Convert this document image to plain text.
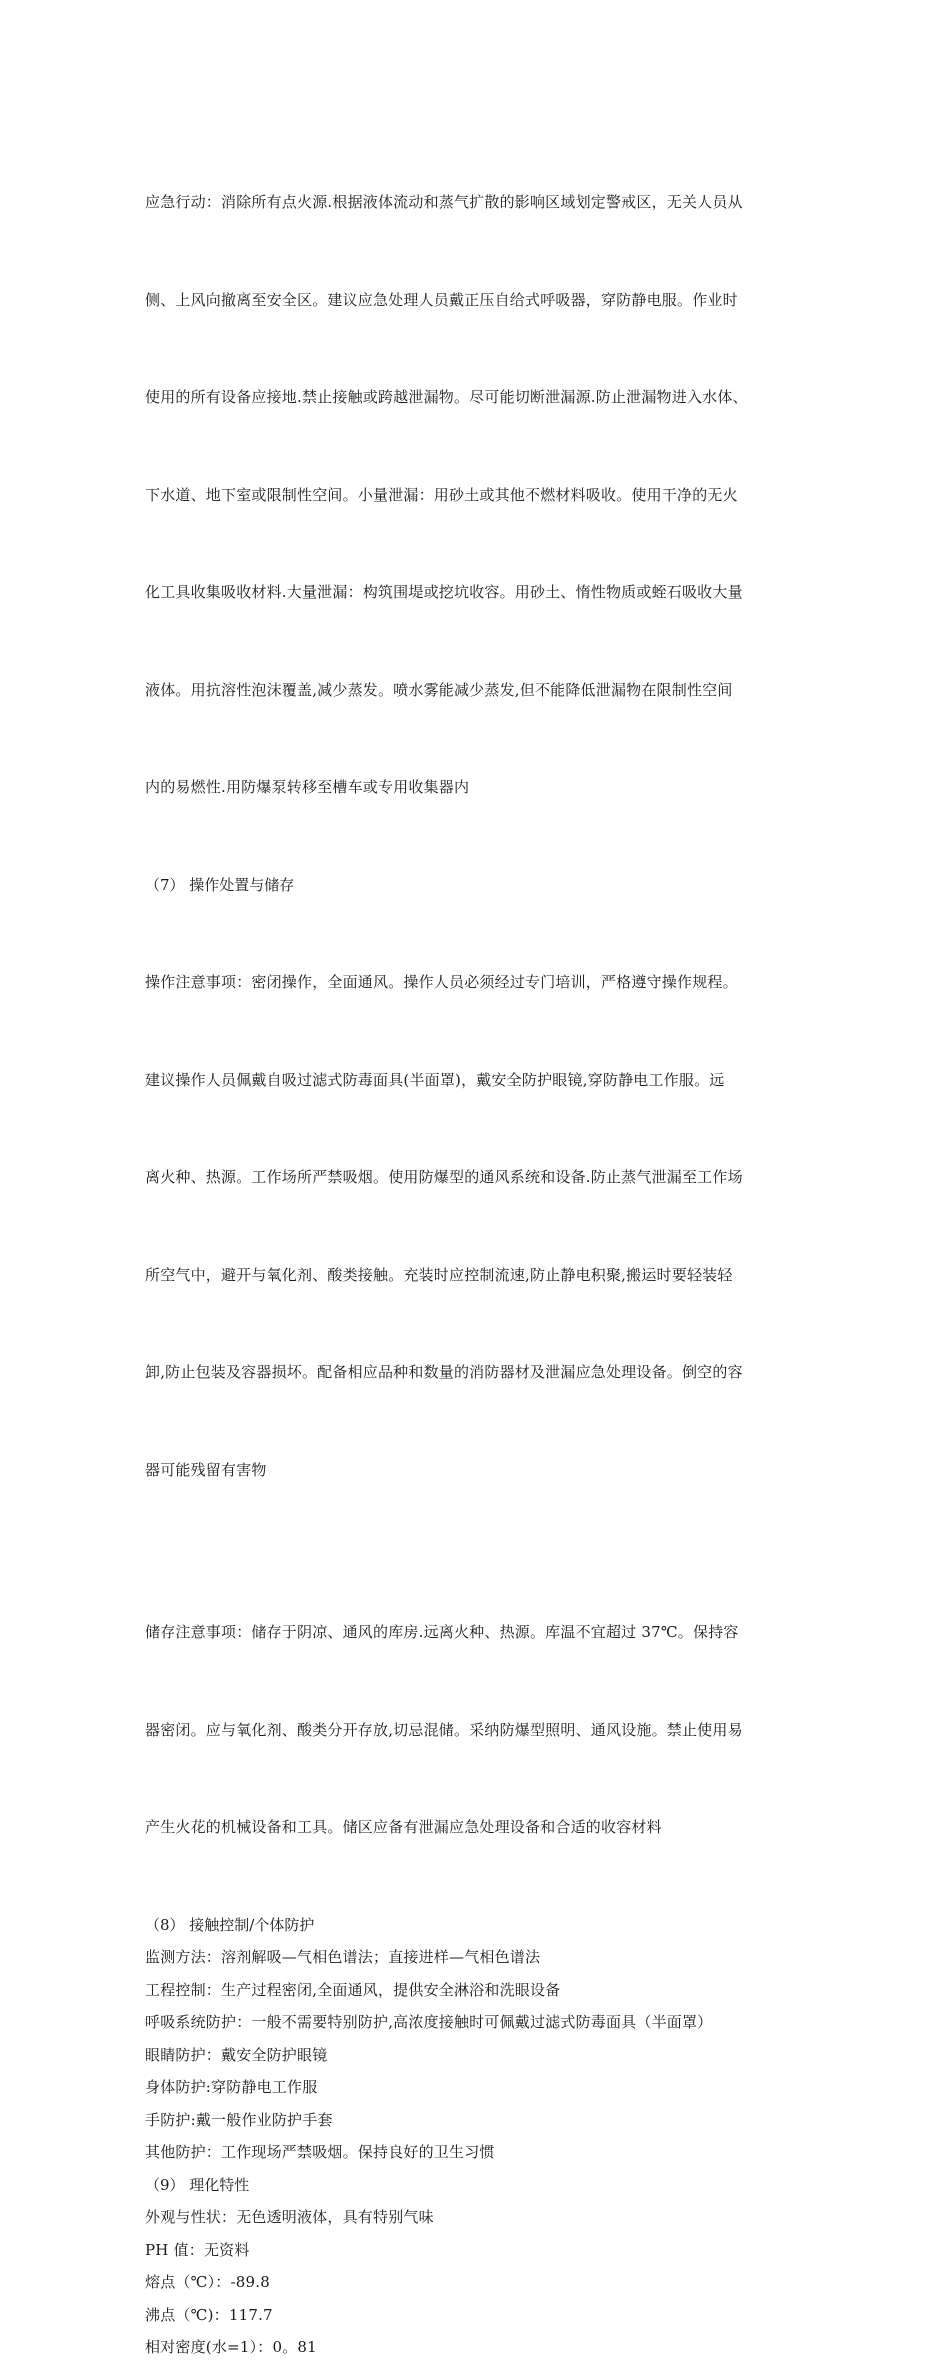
应急行动：消除所有点火源.根据液体流动和蒸气扩散的影响区域划定警戒区，无关人员从

侧、上风向撤离至安全区。建议应急处理人员戴正压自给式呼吸器，穿防静电服。作业时

使用的所有设备应接地.禁止接触或跨越泄漏物。尽可能切断泄漏源.防止泄漏物进入水体、

下水道、地下室或限制性空间。小量泄漏：用砂土或其他不燃材料吸收。使用干净的无火

化工具收集吸收材料.大量泄漏：构筑围堤或挖坑收容。用砂土、惰性物质或蛭石吸收大量

液体。用抗溶性泡沫覆盖,减少蒸发。喷水雾能减少蒸发,但不能降低泄漏物在限制性空间

内的易燃性.用防爆泵转移至槽车或专用收集器内

（7） 操作处置与储存

操作注意事项：密闭操作，全面通风。操作人员必须经过专门培训，严格遵守操作规程。

建议操作人员佩戴自吸过滤式防毒面具(半面罩)，戴安全防护眼镜,穿防静电工作服。远

离火种、热源。工作场所严禁吸烟。使用防爆型的通风系统和设备.防止蒸气泄漏至工作场

所空气中，避开与氧化剂、酸类接触。充装时应控制流速,防止静电积聚,搬运时要轻装轻

卸,防止包装及容器损坏。配备相应品种和数量的消防器材及泄漏应急处理设备。倒空的容

器可能残留有害物

储存注意事项：储存于阴凉、通风的库房.远离火种、热源。库温不宜超过 37℃。保持容

器密闭。应与氧化剂、酸类分开存放,切忌混储。采纳防爆型照明、通风设施。禁止使用易

产生火花的机械设备和工具。储区应备有泄漏应急处理设备和合适的收容材料

（8） 接触控制/个体防护
监测方法：溶剂解吸—气相色谱法；直接进样—气相色谱法
工程控制：生产过程密闭,全面通风，提供安全淋浴和洗眼设备
呼吸系统防护：一般不需要特别防护,高浓度接触时可佩戴过滤式防毒面具（半面罩）
眼睛防护：戴安全防护眼镜
身体防护:穿防静电工作服
手防护:戴一般作业防护手套
其他防护：工作现场严禁吸烟。保持良好的卫生习惯
（9） 理化特性
外观与性状：无色透明液体，具有特别气味
PH 值：无资料
熔点（℃）：-89.8
沸点（℃)：117.7
相对密度(水=1）：0。81
